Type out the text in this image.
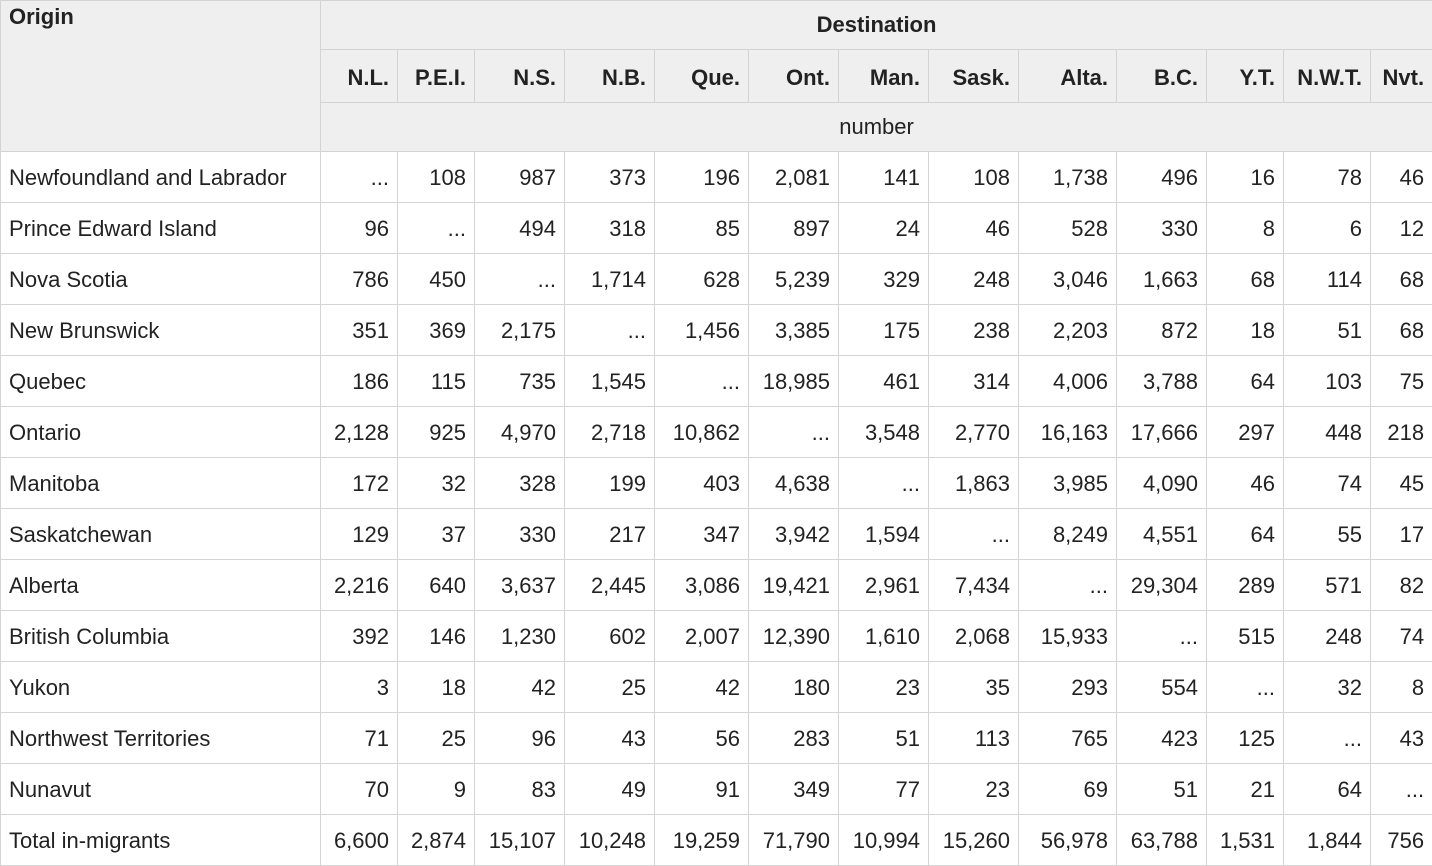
Origin	Destination												
	N.L.	P.E.I.	N.S.	N.B.	Que.	Ont.	Man.	Sask.	Alta.	B.C.	Y.T.	N.W.T.	Nvt.
	number												
Newfoundland and Labrador	...	108	987	373	196	2,081	141	108	1,738	496	16	78	46
Prince Edward Island	96	...	494	318	85	897	24	46	528	330	8	6	12
Nova Scotia	786	450	...	1,714	628	5,239	329	248	3,046	1,663	68	114	68
New Brunswick	351	369	2,175	...	1,456	3,385	175	238	2,203	872	18	51	68
Quebec	186	115	735	1,545	...	18,985	461	314	4,006	3,788	64	103	75
Ontario	2,128	925	4,970	2,718	10,862	...	3,548	2,770	16,163	17,666	297	448	218
Manitoba	172	32	328	199	403	4,638	...	1,863	3,985	4,090	46	74	45
Saskatchewan	129	37	330	217	347	3,942	1,594	...	8,249	4,551	64	55	17
Alberta	2,216	640	3,637	2,445	3,086	19,421	2,961	7,434	...	29,304	289	571	82
British Columbia	392	146	1,230	602	2,007	12,390	1,610	2,068	15,933	...	515	248	74
Yukon	3	18	42	25	42	180	23	35	293	554	...	32	8
Northwest Territories	71	25	96	43	56	283	51	113	765	423	125	...	43
Nunavut	70	9	83	49	91	349	77	23	69	51	21	64	...
Total in-migrants	6,600	2,874	15,107	10,248	19,259	71,790	10,994	15,260	56,978	63,788	1,531	1,844	756
